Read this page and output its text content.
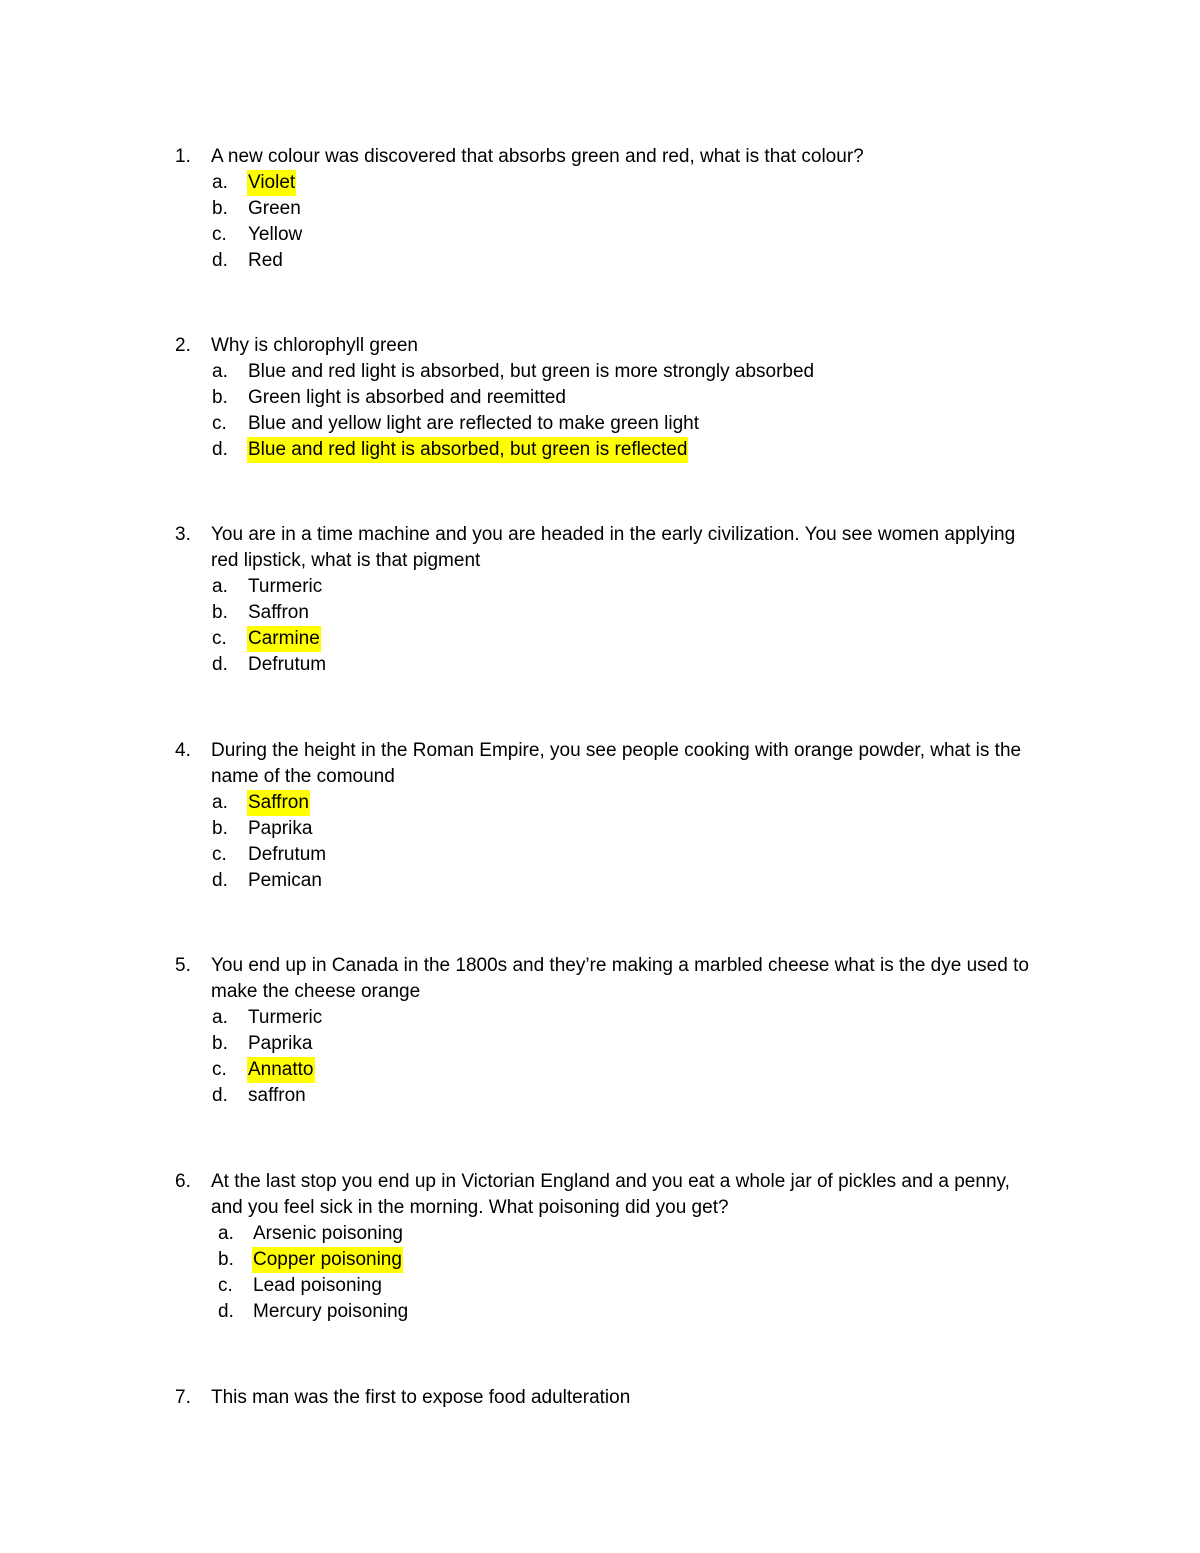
1.	A new colour was discovered that absorbs green and red, what is that colour?
a.	Violet
b.	Green
c.	Yellow
d.	Red
2.	Why is chlorophyll green
a.	Blue and red light is absorbed, but green is more strongly absorbed
b.	Green light is absorbed and reemitted
c.	Blue and yellow light are reflected to make green light
d.	Blue and red light is absorbed, but green is reflected
3.	You are in a time machine and you are headed in the early civilization. You see women applying
red lipstick, what is that pigment
a.	Turmeric
b.	Saffron
c.	Carmine
d.	Defrutum
4.	During the height in the Roman Empire, you see people cooking with orange powder, what is the
name of the comound
a.	Saffron
b.	Paprika
c.	Defrutum
d.	Pemican
5.	You end up in Canada in the 1800s and they’re making a marbled cheese what is the dye used to
make the cheese orange
a.	Turmeric
b.	Paprika
c.	Annatto
d.	saffron
6.	At the last stop you end up in Victorian England and you eat a whole jar of pickles and a penny,
and you feel sick in the morning. What poisoning did you get?
a.	Arsenic poisoning
b.	Copper poisoning
c.	Lead poisoning
d.	Mercury poisoning
7.	This man was the first to expose food adulteration
